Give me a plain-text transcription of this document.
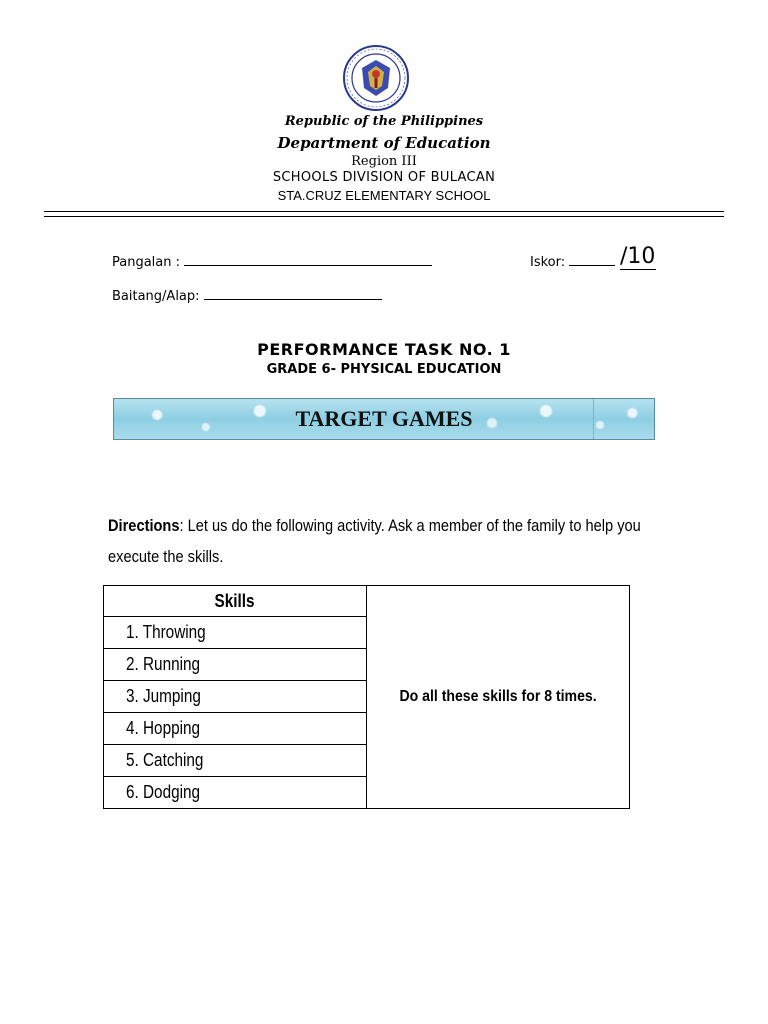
Republic of the Philippines
Department of Education
Region III
SCHOOLS DIVISION OF BULACAN
STA.CRUZ ELEMENTARY SCHOOL
Pangalan :
Baitang/Alap:
Iskor:	/10
PERFORMANCE TASK NO. 1
GRADE 6- PHYSICAL EDUCATION
TARGET GAMES
Directions: Let us do the following activity. Ask a member of the family to help you execute the skills.
Skills	Do all these skills for 8 times.
1. Throwing
2. Running
3. Jumping
4. Hopping
5. Catching
6. Dodging
